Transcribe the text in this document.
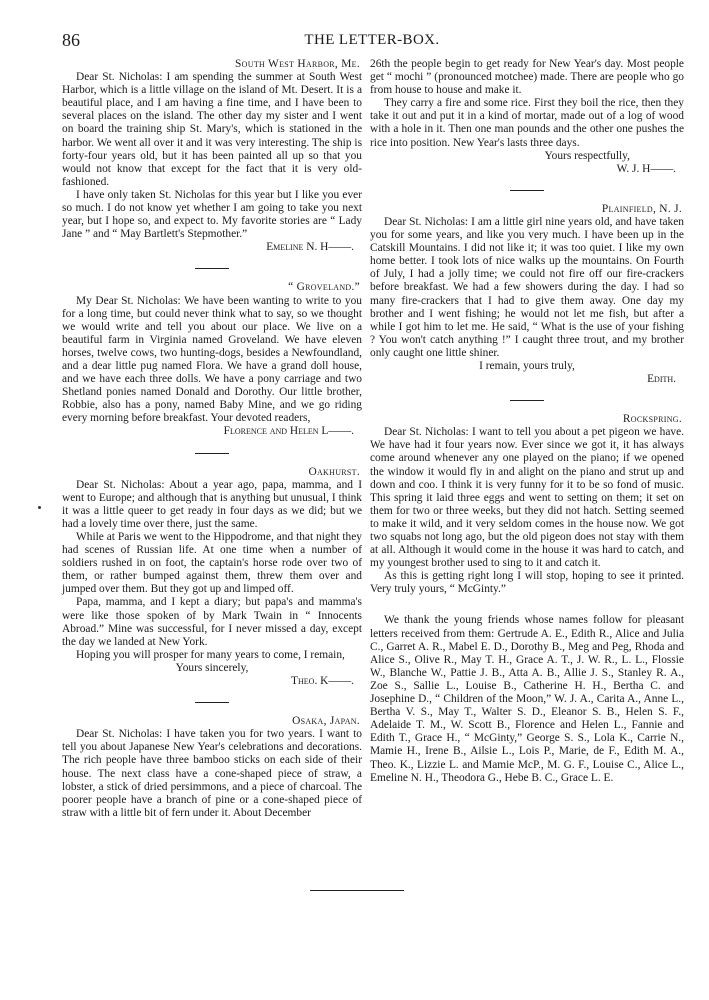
86	THE LETTER-BOX.

South West Harbor, Me.

Dear St. Nicholas: I am spending the summer at South West Harbor, which is a little village on the island of Mt. Desert. It is a beautiful place, and I am having a fine time, and I have been to several places on the island. The other day my sister and I went on board the training ship St. Mary's, which is stationed in the harbor. We went all over it and it was very interesting. The ship is forty-four years old, but it has been painted all up so that you would not know that except for the fact that it is very old-fashioned.

I have only taken St. Nicholas for this year but I like you ever so much. I do not know yet whether I am going to take you next year, but I hope so, and expect to. My favorite stories are “ Lady Jane ” and “ May Bartlett's Stepmother.”

Emeline N. H——.

“ Groveland.”

My Dear St. Nicholas: We have been wanting to write to you for a long time, but could never think what to say, so we thought we would write and tell you about our place. We live on a beautiful farm in Virginia named Groveland. We have eleven horses, twelve cows, two hunting-dogs, besides a Newfoundland, and a dear little pug named Flora. We have a grand doll house, and we have each three dolls. We have a pony carriage and two Shetland ponies named Donald and Dorothy. Our little brother, Robbie, also has a pony, named Baby Mine, and we go riding every morning before breakfast. Your devoted readers,

Florence and Helen L——.

Oakhurst.

Dear St. Nicholas: About a year ago, papa, mamma, and I went to Europe; and although that is anything but unusual, I think it was a little queer to get ready in four days as we did; but we had a lovely time over there, just the same.

While at Paris we went to the Hippodrome, and that night they had scenes of Russian life. At one time when a number of soldiers rushed in on foot, the captain's horse rode over two of them, or rather bumped against them, threw them over and jumped over them. But they got up and limped off.

Papa, mamma, and I kept a diary; but papa's and mamma's were like those spoken of by Mark Twain in “ Innocents Abroad.” Mine was successful, for I never missed a day, except the day we landed at New York.

Hoping you will prosper for many years to come, I remain,

Yours sincerely,

Theo. K——.

Osaka, Japan.

Dear St. Nicholas: I have taken you for two years. I want to tell you about Japanese New Year's celebrations and decorations. The rich people have three bamboo sticks on each side of their house. The next class have a cone-shaped piece of straw, a lobster, a stick of dried persimmons, and a piece of charcoal. The poorer people have a branch of pine or a cone-shaped piece of straw with a little bit of fern under it. About December

26th the people begin to get ready for New Year's day. Most people get “ mochi ” (pronounced motchee) made. There are people who go from house to house and make it.

They carry a fire and some rice. First they boil the rice, then they take it out and put it in a kind of mortar, made out of a log of wood with a hole in it. Then one man pounds and the other one pushes the rice into position. New Year's lasts three days.

Yours respectfully,

W. J. H——.

Plainfield, N. J.

Dear St. Nicholas: I am a little girl nine years old, and have taken you for some years, and like you very much. I have been up in the Catskill Mountains. I did not like it; it was too quiet. I like my own home better. I took lots of nice walks up the mountains. On Fourth of July, I had a jolly time; we could not fire off our fire-crackers before breakfast. We had a few showers during the day. I had so many fire-crackers that I had to give them away. One day my brother and I went fishing; he would not let me fish, but after a while I got him to let me. He said, “ What is the use of your fishing ? You won't catch anything !” I caught three trout, and my brother only caught one little shiner.

I remain, yours truly,

Edith.

Rockspring.

Dear St. Nicholas: I want to tell you about a pet pigeon we have. We have had it four years now. Ever since we got it, it has always come around whenever any one played on the piano; if we opened the window it would fly in and alight on the piano and strut up and down and coo. I think it is very funny for it to be so fond of music. This spring it laid three eggs and went to setting on them; it set on them for two or three weeks, but they did not hatch. Setting seemed to make it wild, and it very seldom comes in the house now. We got two squabs not long ago, but the old pigeon does not stay with them at all. Although it would come in the house it was hard to catch, and my youngest brother used to sing to it and catch it.

As this is getting right long I will stop, hoping to see it printed. Very truly yours, “ McGinty.”

We thank the young friends whose names follow for pleasant letters received from them: Gertrude A. E., Edith R., Alice and Julia C., Garret A. R., Mabel E. D., Dorothy B., Meg and Peg, Rhoda and Alice S., Olive R., May T. H., Grace A. T., J. W. R., L. L., Flossie W., Blanche W., Pattie J. B., Atta A. B., Allie J. S., Stanley R. A., Zoe S., Sallie L., Louise B., Catherine H. H., Bertha C. and Josephine D., “ Children of the Moon,” W. J. A., Carita A., Anne L., Bertha V. S., May T., Walter S. D., Eleanor S. B., Helen S. F., Adelaide T. M., W. Scott B., Florence and Helen L., Fannie and Edith T., Grace H., “ McGinty,” George S. S., Lola K., Carrie N., Mamie H., Irene B., Ailsie L., Lois P., Marie, de F., Edith M. A., Theo. K., Lizzie L. and Mamie McP., M. G. F., Louise C., Alice L., Emeline N. H., Theodora G., Hebe B. C., Grace L. E.
